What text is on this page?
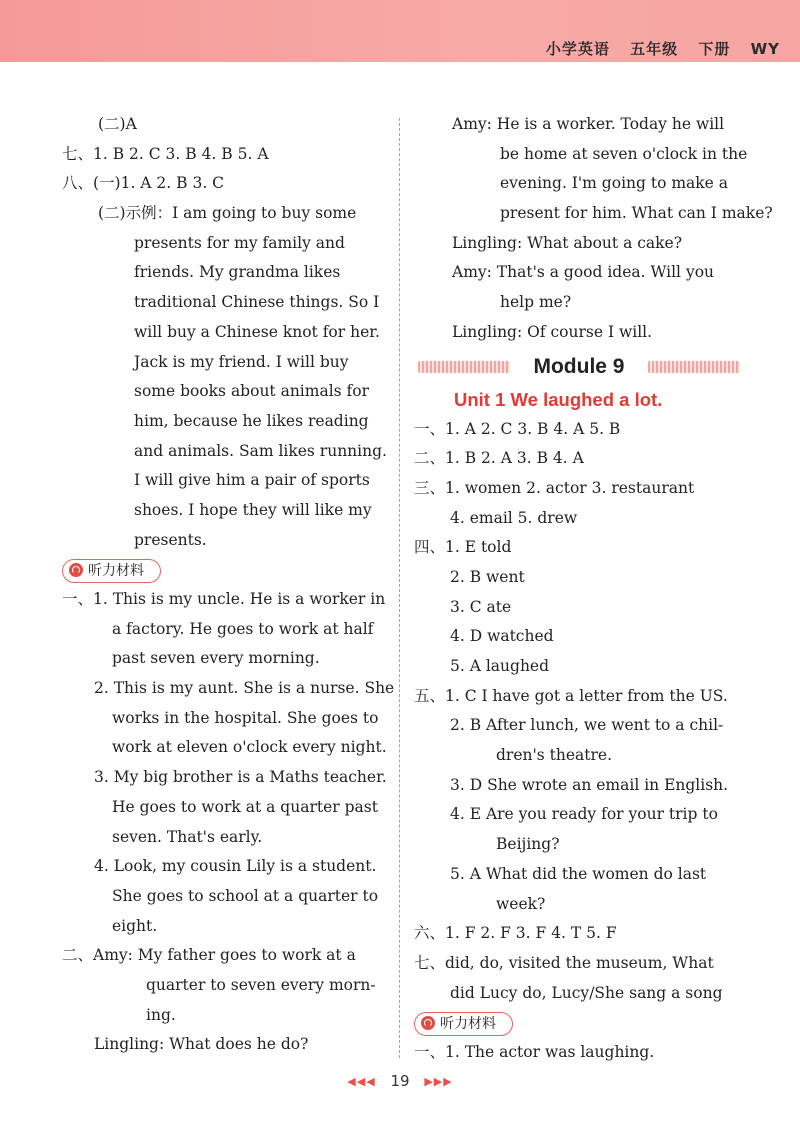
小学英语 五年级 下册 WY
(二)A
七、1. B 2. C 3. B 4. B 5. A
八、(一)1. A 2. B 3. C
(二)示例：I am going to buy some
presents for my family and
friends. My grandma likes
traditional Chinese things. So I
will buy a Chinese knot for her.
Jack is my friend. I will buy
some books about animals for
him, because he likes reading
and animals. Sam likes running.
I will give him a pair of sports
shoes. I hope they will like my
presents.
听力材料
一、1. This is my uncle. He is a worker in
a factory. He goes to work at half
past seven every morning.
2. This is my aunt. She is a nurse. She
works in the hospital. She goes to
work at eleven o'clock every night.
3. My big brother is a Maths teacher.
He goes to work at a quarter past
seven. That's early.
4. Look, my cousin Lily is a student.
She goes to school at a quarter to
eight.
二、Amy: My father goes to work at a
quarter to seven every morn-
ing.
Lingling: What does he do?
Amy: He is a worker. Today he will
be home at seven o'clock in the
evening. I'm going to make a
present for him. What can I make?
Lingling: What about a cake?
Amy: That's a good idea. Will you
help me?
Lingling: Of course I will.
Module 9
Unit 1 We laughed a lot.
一、1. A 2. C 3. B 4. A 5. B
二、1. B 2. A 3. B 4. A
三、1. women 2. actor 3. restaurant
4. email 5. drew
四、1. E told
2. B went
3. C ate
4. D watched
5. A laughed
五、1. C I have got a letter from the US.
2. B After lunch, we went to a chil-
dren's theatre.
3. D She wrote an email in English.
4. E Are you ready for your trip to
Beijing?
5. A What did the women do last
week?
六、1. F 2. F 3. F 4. T 5. F
七、did, do, visited the museum, What
did Lucy do, Lucy/She sang a song
听力材料
一、1. The actor was laughing.
◀◀◀ 19 ▶▶▶
